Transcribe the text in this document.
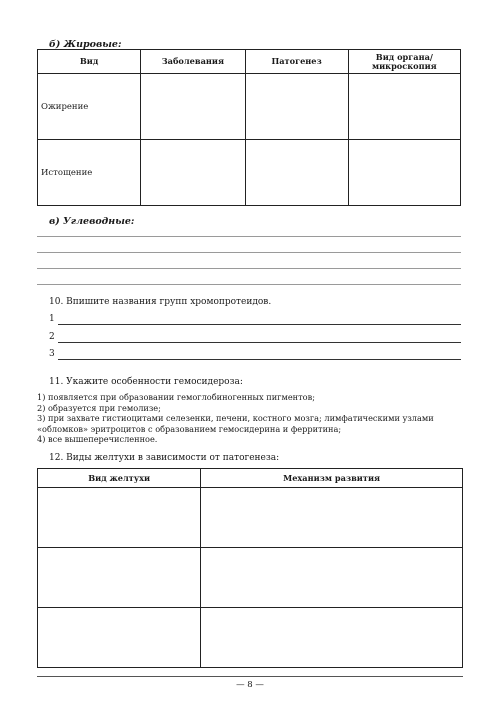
б) Жировые:
Вид	Заболевания	Патогенез	Вид органа/ микроскопия
Ожирение			
Истощение			
в) Углеводные:
10. Впишите названия групп хромопротеидов.
1
2
3
11. Укажите особенности гемосидероза:
1) появляется при образовании гемоглобиногенных пигментов;
2) образуется при гемолизе;
3) при захвате гистиоцитами селезенки, печени, костного мозга; лимфатическими узлами «обломков» эритроцитов с образованием гемосидерина и ферритина;
4) все вышеперечисленное.
12. Виды желтухи в зависимости от патогенеза:
Вид желтухи	Механизм развития

— 8 —
